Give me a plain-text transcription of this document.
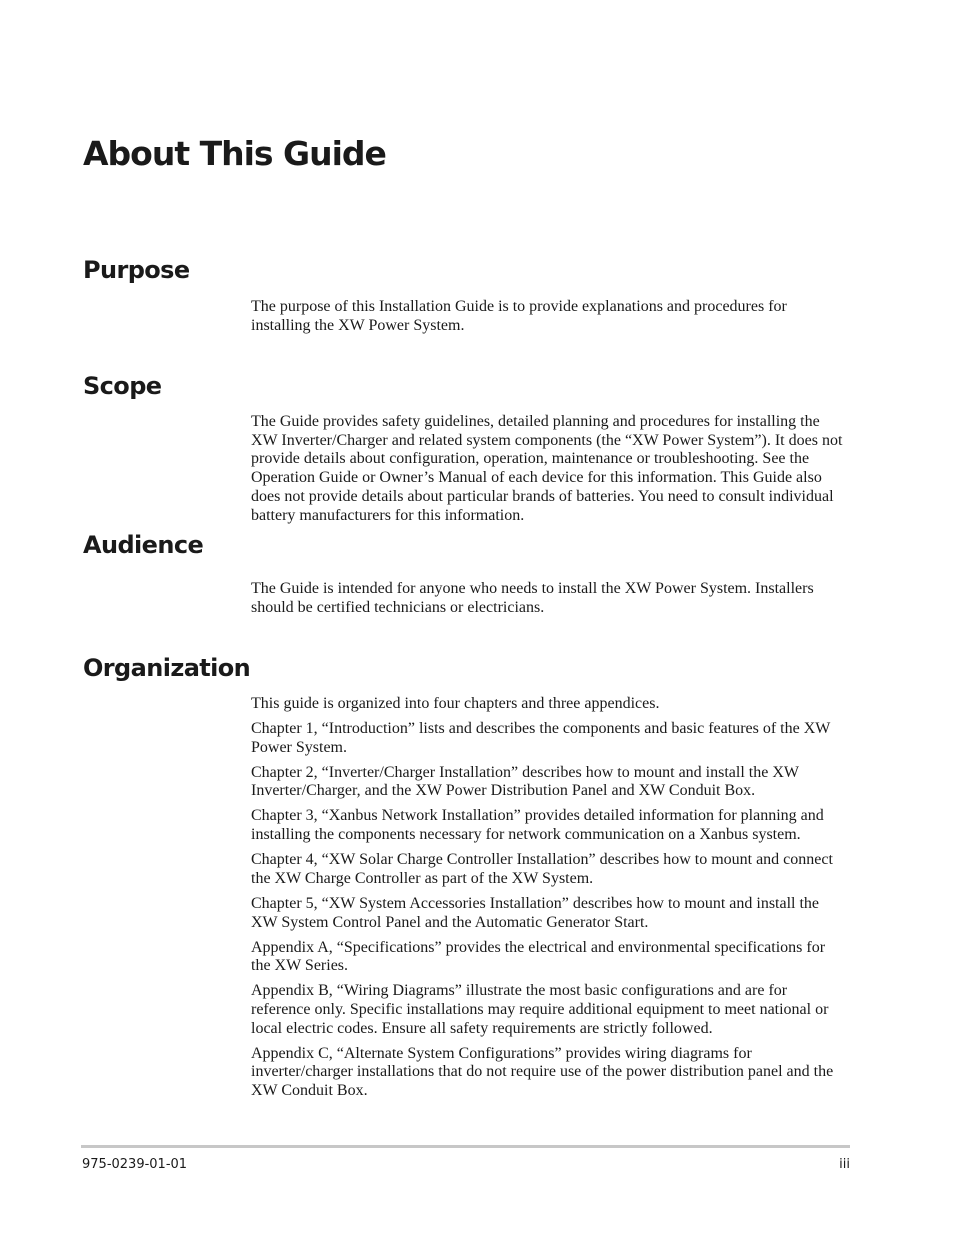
About This Guide
Purpose

The purpose of this Installation Guide is to provide explanations and procedures for installing the XW Power System.

Scope

The Guide provides safety guidelines, detailed planning and procedures for installing the XW Inverter/Charger and related system components (the “XW Power System”). It does not provide details about configuration, operation, maintenance or troubleshooting. See the Operation Guide or Owner’s Manual of each device for this information. This Guide also does not provide details about particular brands of batteries. You need to consult individual battery manufacturers for this information.

Audience

The Guide is intended for anyone who needs to install the XW Power System. Installers should be certified technicians or electricians.

Organization

This guide is organized into four chapters and three appendices.

Chapter 1, “Introduction” lists and describes the components and basic features of the XW Power System.

Chapter 2, “Inverter/Charger Installation” describes how to mount and install the XW Inverter/Charger, and the XW Power Distribution Panel and XW Conduit Box.

Chapter 3, “Xanbus Network Installation” provides detailed information for planning and installing the components necessary for network communication on a Xanbus system.

Chapter 4, “XW Solar Charge Controller Installation” describes how to mount and connect the XW Charge Controller as part of the XW System.

Chapter 5, “XW System Accessories Installation” describes how to mount and install the XW System Control Panel and the Automatic Generator Start.

Appendix A, “Specifications” provides the electrical and environmental specifications for the XW Series.

Appendix B, “Wiring Diagrams” illustrate the most basic configurations and are for reference only. Specific installations may require additional equipment to meet national or local electric codes. Ensure all safety requirements are strictly followed.

Appendix C, “Alternate System Configurations” provides wiring diagrams for inverter/charger installations that do not require use of the power distribution panel and the XW Conduit Box.

975-0239-01-01	iii
